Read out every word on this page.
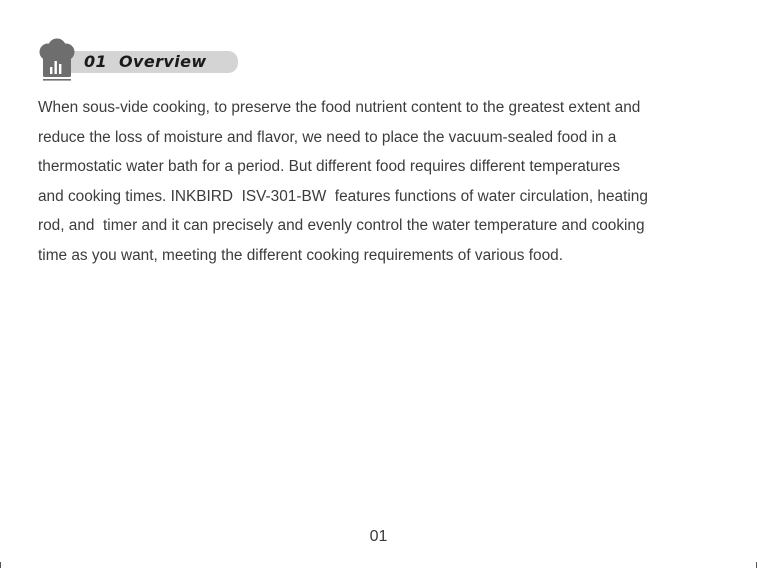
01  Overview

When sous-vide cooking, to preserve the food nutrient content to the greatest extent and
reduce the loss of moisture and flavor, we need to place the vacuum-sealed food in a
thermostatic water bath for a period. But different food requires different temperatures
and cooking times. INKBIRD  ISV-301-BW  features functions of water circulation, heating
rod, and  timer and it can precisely and evenly control the water temperature and cooking
time as you want, meeting the different cooking requirements of various food.

01
